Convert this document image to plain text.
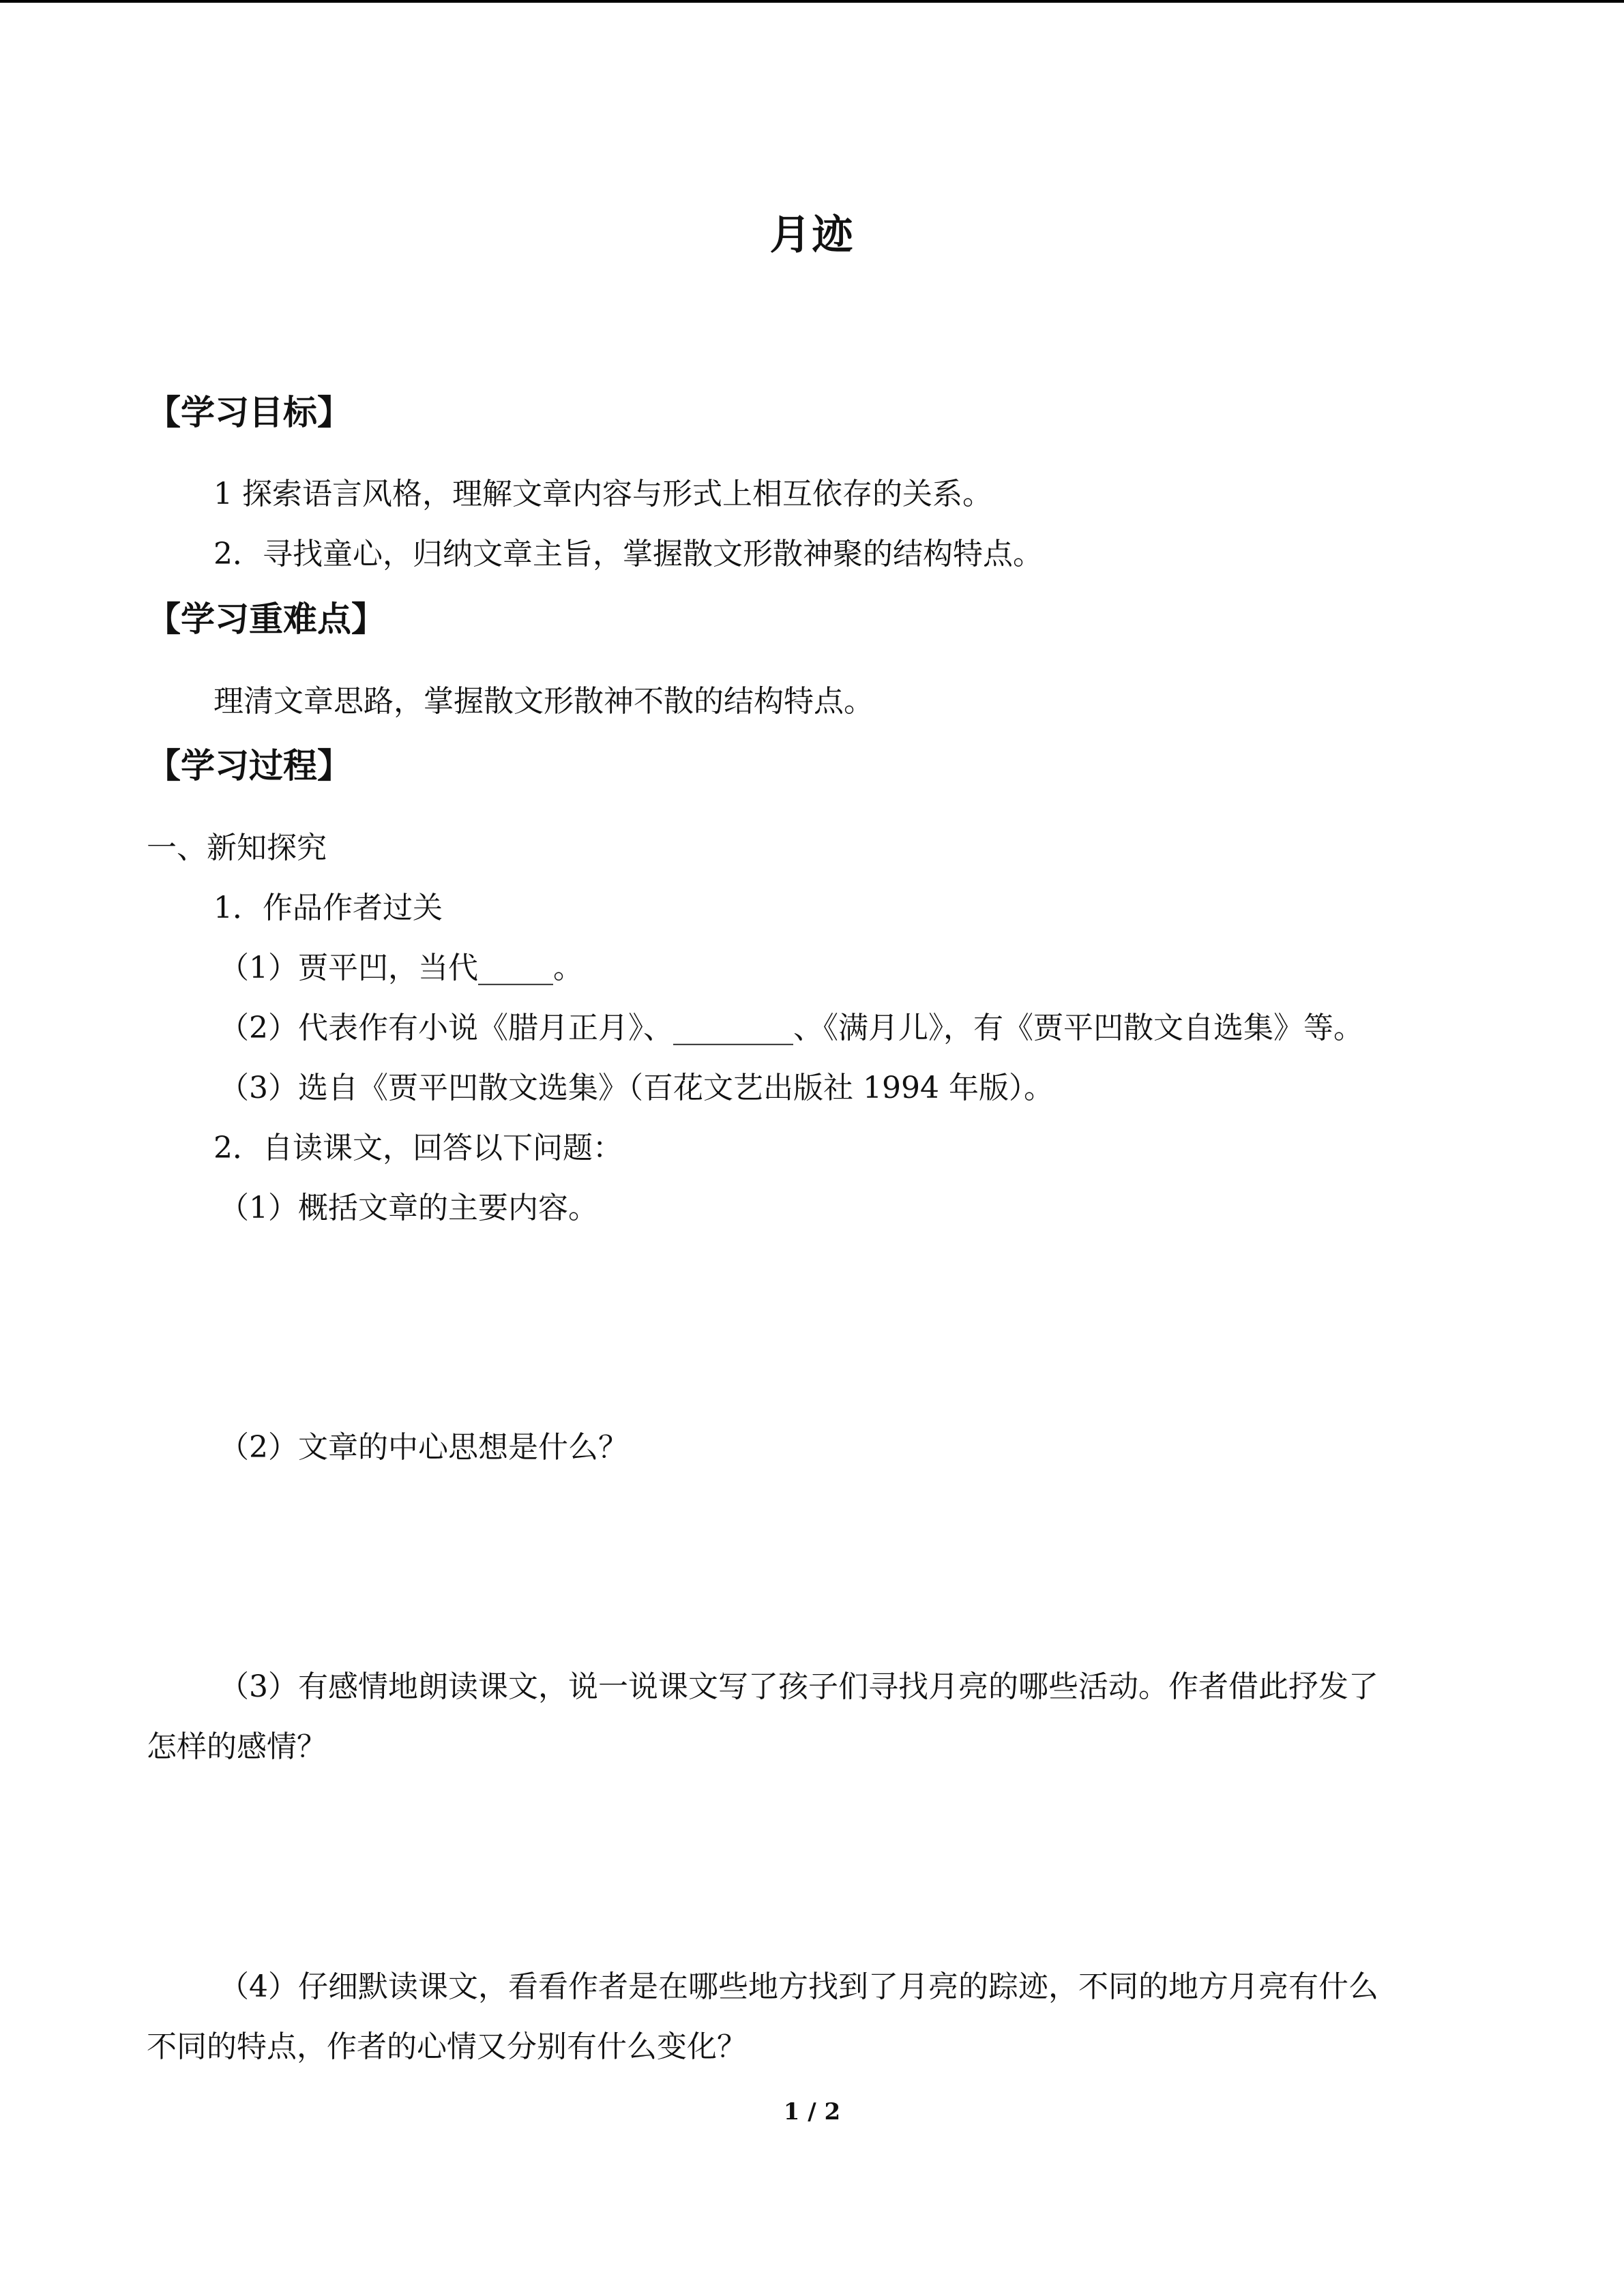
月迹
【学习目标】
1 探索语言风格，理解文章内容与形式上相互依存的关系。
2．寻找童心，归纳文章主旨，掌握散文形散神聚的结构特点。
【学习重难点】
理清文章思路，掌握散文形散神不散的结构特点。
【学习过程】
一、新知探究
1．作品作者过关
（1）贾平凹，当代_____。
（2）代表作有小说《腊月正月》、________、《满月儿》，有《贾平凹散文自选集》等。
（3）选自《贾平凹散文选集》（百花文艺出版社 1994 年版）。
2．自读课文，回答以下问题：
（1）概括文章的主要内容。
（2）文章的中心思想是什么？
（3）有感情地朗读课文，说一说课文写了孩子们寻找月亮的哪些活动。作者借此抒发了
怎样的感情？
（4）仔细默读课文，看看作者是在哪些地方找到了月亮的踪迹，不同的地方月亮有什么
不同的特点，作者的心情又分别有什么变化？
1 / 2
